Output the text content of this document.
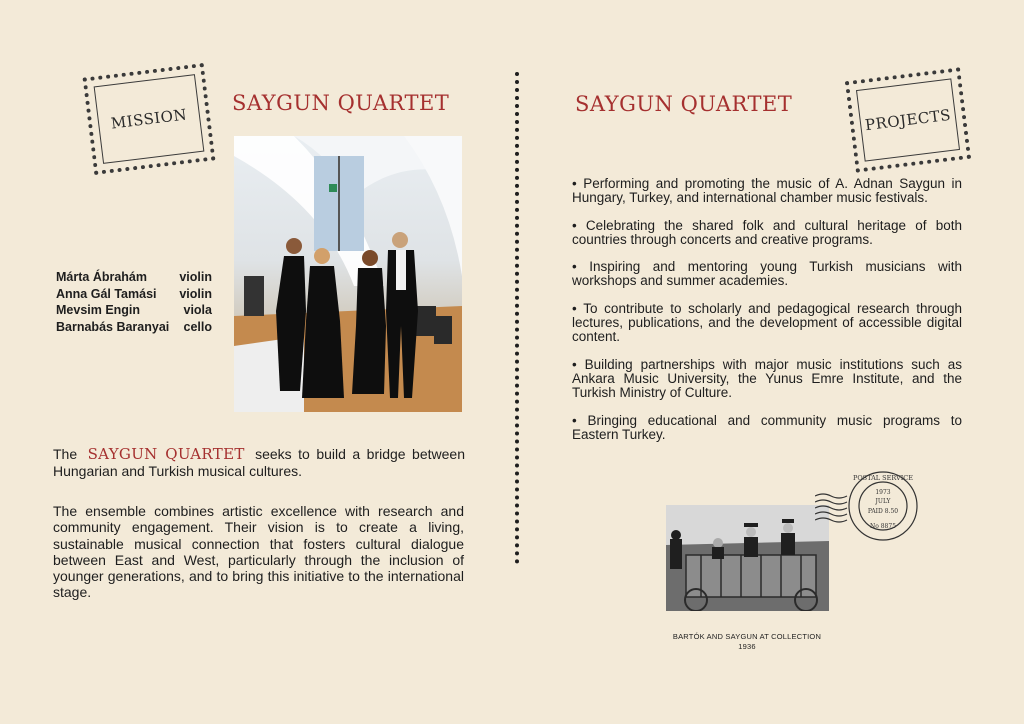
MISSION	PROJECTS
SAYGUN QUARTET	SAYGUN QUARTET
Márta Ábrahám	violin
Anna Gál Tamási violin
Mevsim Engin	viola
Barnabás Baranyai cello
The SAYGUN QUARTET seeks to build a bridge between Hungarian and Turkish musical cultures.
The ensemble combines artistic excellence with research and community engagement. Their vision is to create a living, sustainable musical connection that fosters cultural dialogue between East and West, particularly through the inclusion of younger generations, and to bring this initiative to the international stage.
• Performing and promoting the music of A. Adnan Saygun in Hungary, Turkey, and international chamber music festivals.
• Celebrating the shared folk and cultural heritage of both countries through concerts and creative programs.
• Inspiring and mentoring young Turkish musicians with workshops and summer academies.
• To contribute to scholarly and pedagogical research through lectures, publications, and the development of accessible digital content.
• Building partnerships with major music institutions such as Ankara Music University, the Yunus Emre Institute, and the Turkish Ministry of Culture.
• Bringing educational and community music programs to Eastern Turkey.
1973
JULY
PAID 8.50
No 8875
POSTAL SERVICE
BARTÓK AND SAYGUN AT COLLECTION
1936
